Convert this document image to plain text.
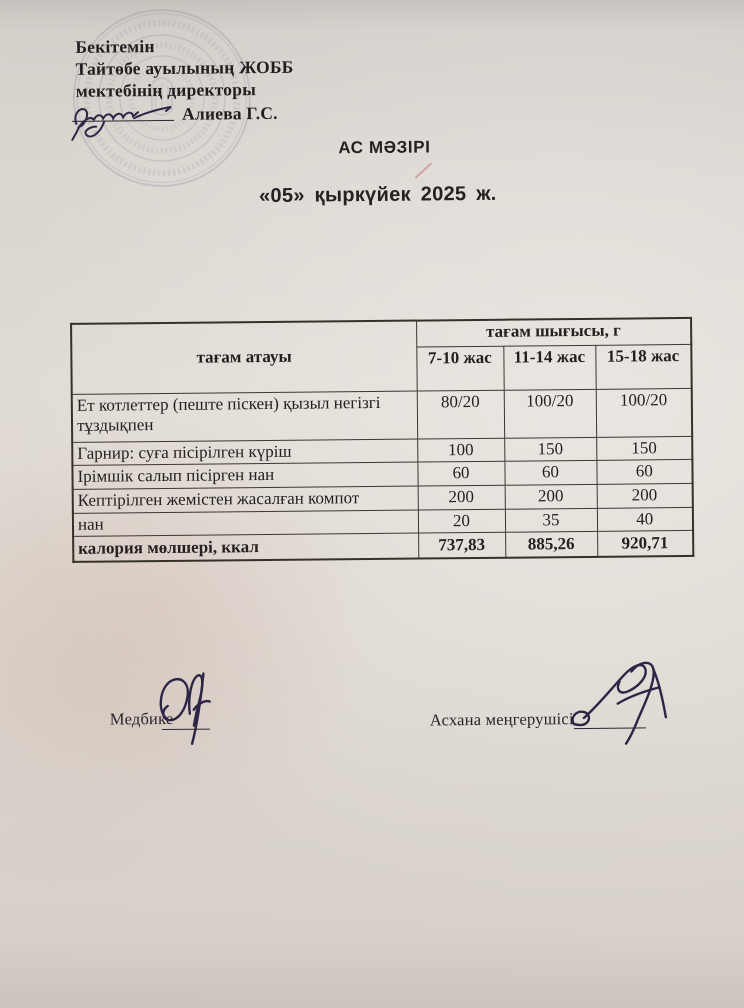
Бекітемін
Тайтөбе ауылының ЖОББ
мектебінің директоры
Алиева Г.С.
АС МӘЗІРІ
«05» қыркүйек 2025 ж.
тағам атауы	тағам шығысы, г		
	7-10 жас	11-14 жас	15-18 жас
Ет котлеттер (пеште піскен) қызыл негізгі тұздықпен	80/20	100/20	100/20
Гарнир: суға пісірілген күріш	100	150	150
Ірімшік салып пісірген нан	60	60	60
Кептірілген жемістен жасалған компот	200	200	200
нан	20	35	40
калория мөлшері, ккал	737,83	885,26	920,71
Медбике	Асхана меңгерушісі
